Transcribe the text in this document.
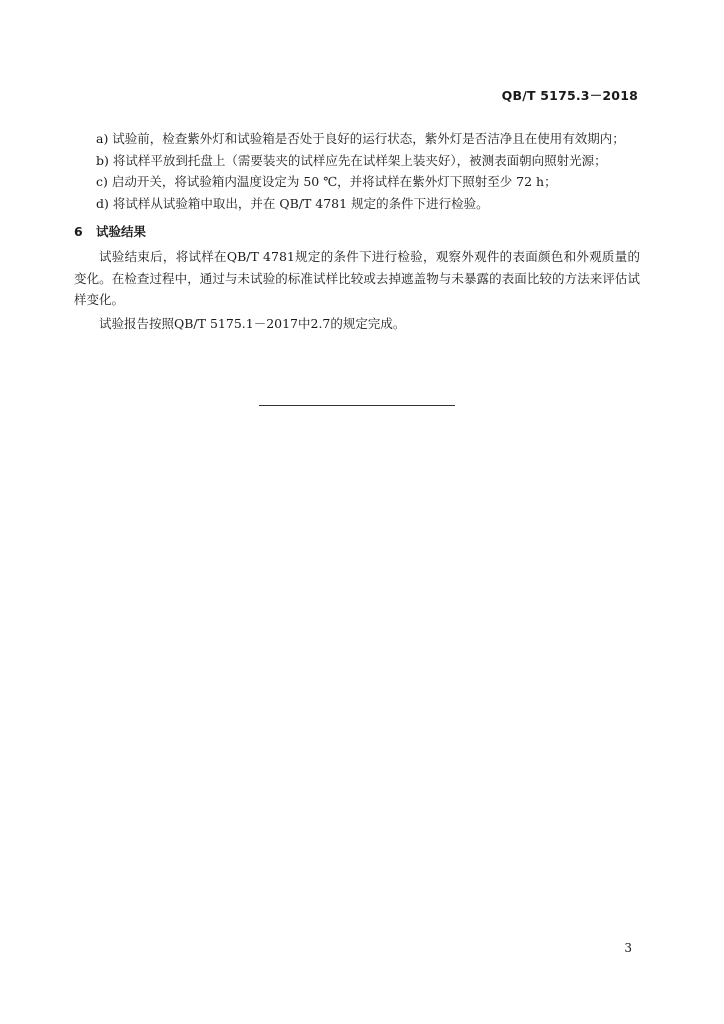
QB/T 5175.3－2018
a) 试验前，检查紫外灯和试验箱是否处于良好的运行状态，紫外灯是否洁净且在使用有效期内；
b) 将试样平放到托盘上（需要装夹的试样应先在试样架上装夹好），被测表面朝向照射光源；
c) 启动开关，将试验箱内温度设定为 50 ℃，并将试样在紫外灯下照射至少 72 h；
d) 将试样从试验箱中取出，并在 QB/T 4781 规定的条件下进行检验。
6 试验结果
试验结束后，将试样在QB/T 4781规定的条件下进行检验，观察外观件的表面颜色和外观质量的变化。在检查过程中，通过与未试验的标准试样比较或去掉遮盖物与未暴露的表面比较的方法来评估试样变化。
试验报告按照QB/T 5175.1－2017中2.7的规定完成。
3
